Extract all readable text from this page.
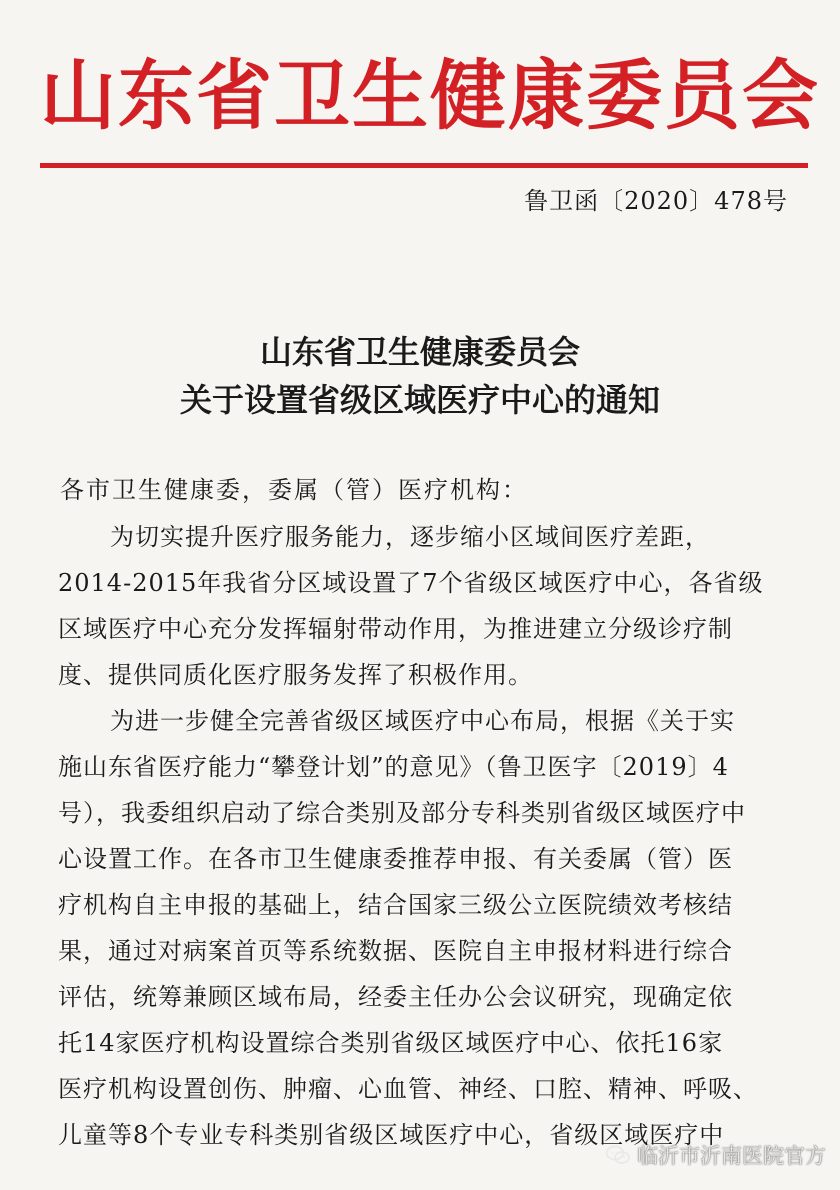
山东省卫生健康委员会
鲁卫函〔2020〕478号
山东省卫生健康委员会
关于设置省级区域医疗中心的通知
各市卫生健康委，委属（管）医疗机构：
为切实提升医疗服务能力，逐步缩小区域间医疗差距，
2014-2015年我省分区域设置了7个省级区域医疗中心，各省级
区域医疗中心充分发挥辐射带动作用，为推进建立分级诊疗制
度、提供同质化医疗服务发挥了积极作用。
为进一步健全完善省级区域医疗中心布局，根据《关于实
施山东省医疗能力“攀登计划”的意见》（鲁卫医字〔2019〕4
号），我委组织启动了综合类别及部分专科类别省级区域医疗中
心设置工作。在各市卫生健康委推荐申报、有关委属（管）医
疗机构自主申报的基础上，结合国家三级公立医院绩效考核结
果，通过对病案首页等系统数据、医院自主申报材料进行综合
评估，统筹兼顾区域布局，经委主任办公会议研究，现确定依
托14家医疗机构设置综合类别省级区域医疗中心、依托16家
医疗机构设置创伤、肿瘤、心血管、神经、口腔、精神、呼吸、
儿童等8个专业专科类别省级区域医疗中心，省级区域医疗中
临沂市沂南医院官方
